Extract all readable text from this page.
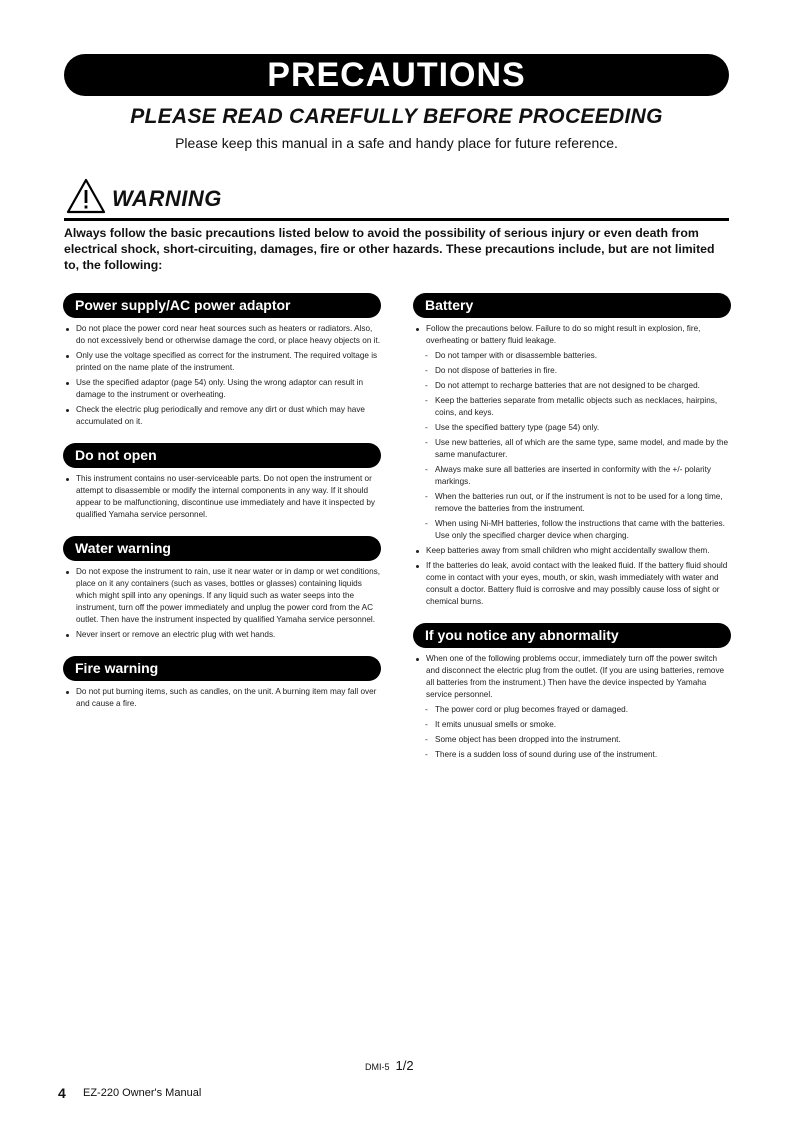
PRECAUTIONS
PLEASE READ CAREFULLY BEFORE PROCEEDING
Please keep this manual in a safe and handy place for future reference.
WARNING
Always follow the basic precautions listed below to avoid the possibility of serious injury or even death from electrical shock, short-circuiting, damages, fire or other hazards. These precautions include, but are not limited to, the following:
Power supply/AC power adaptor
Do not place the power cord near heat sources such as heaters or radiators. Also, do not excessively bend or otherwise damage the cord, or place heavy objects on it.
Only use the voltage specified as correct for the instrument. The required voltage is printed on the name plate of the instrument.
Use the specified adaptor (page 54) only. Using the wrong adaptor can result in damage to the instrument or overheating.
Check the electric plug periodically and remove any dirt or dust which may have accumulated on it.
Do not open
This instrument contains no user-serviceable parts. Do not open the instrument or attempt to disassemble or modify the internal components in any way. If it should appear to be malfunctioning, discontinue use immediately and have it inspected by qualified Yamaha service personnel.
Water warning
Do not expose the instrument to rain, use it near water or in damp or wet conditions, place on it any containers (such as vases, bottles or glasses) containing liquids which might spill into any openings. If any liquid such as water seeps into the instrument, turn off the power immediately and unplug the power cord from the AC outlet. Then have the instrument inspected by qualified Yamaha service personnel.
Never insert or remove an electric plug with wet hands.
Fire warning
Do not put burning items, such as candles, on the unit. A burning item may fall over and cause a fire.
Battery
Follow the precautions below. Failure to do so might result in explosion, fire, overheating or battery fluid leakage.
- Do not tamper with or disassemble batteries.
- Do not dispose of batteries in fire.
- Do not attempt to recharge batteries that are not designed to be charged.
- Keep the batteries separate from metallic objects such as necklaces, hairpins, coins, and keys.
- Use the specified battery type (page 54) only.
- Use new batteries, all of which are the same type, same model, and made by the same manufacturer.
- Always make sure all batteries are inserted in conformity with the +/- polarity markings.
- When the batteries run out, or if the instrument is not to be used for a long time, remove the batteries from the instrument.
- When using Ni-MH batteries, follow the instructions that came with the batteries. Use only the specified charger device when charging.
Keep batteries away from small children who might accidentally swallow them.
If the batteries do leak, avoid contact with the leaked fluid. If the battery fluid should come in contact with your eyes, mouth, or skin, wash immediately with water and consult a doctor. Battery fluid is corrosive and may possibly cause loss of sight or chemical burns.
If you notice any abnormality
When one of the following problems occur, immediately turn off the power switch and disconnect the electric plug from the outlet. (If you are using batteries, remove all batteries from the instrument.) Then have the device inspected by Yamaha service personnel.
- The power cord or plug becomes frayed or damaged.
- It emits unusual smells or smoke.
- Some object has been dropped into the instrument.
- There is a sudden loss of sound during use of the instrument.
DMI-5 1/2
4 EZ-220 Owner's Manual
